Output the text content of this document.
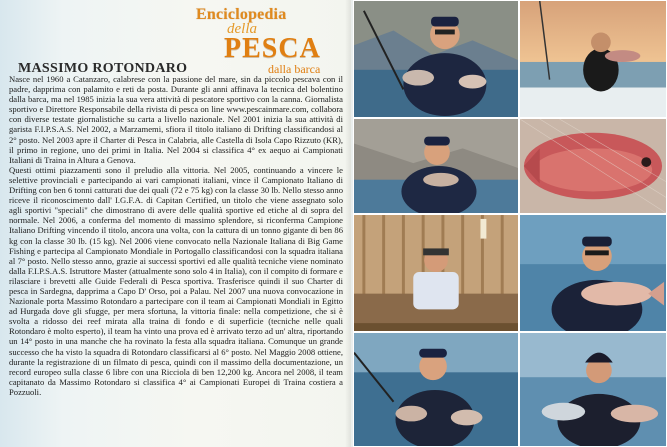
Enciclopedia
della
PESCA
dalla barca
MASSIMO ROTONDARO

Nasce nel 1960 a Catanzaro, calabrese con la passione del mare, sin da piccolo pescava con il padre, dapprima con palamito e reti da posta. Durante gli anni affinava la tecnica del bolentino dalla barca, ma nel 1985 inizia la sua vera attività di pescatore sportivo con la canna. Giornalista sportivo e Direttore Responsabile della rivista di pesca on line www.pescainmare.com, collabora con diverse testate giornalistiche su carta a livello nazionale. Nel 2001 inizia la sua attività di garista F.I.P.S.A.S. Nel 2002, a Marzamemi, sfiora il titolo italiano di Drifting classificandosi al 2° posto. Nel 2003 apre il Charter di Pesca in Calabria, alle Castella di Isola Capo Rizzuto (KR), il primo in regione, uno dei primi in Italia. Nel 2004 si classifica 4° ex aequo ai Campionati Italiani di Traina in Altura a Genova.

Questi ottimi piazzamenti sono il preludio alla vittoria. Nel 2005, continuando a vincere le selettive provinciali e partecipando ai vari campionati italiani, vince il Campionato Italiano di Drifting con ben 6 tonni catturati due dei quali (72 e 75 kg) con la classe 30 lb. Nello stesso anno riceve il riconoscimento dall' I.G.F.A. di Capitan Certified, un titolo che viene assegnato solo agli sportivi "speciali" che dimostrano di avere delle qualità sportive ed etiche al di sopra del normale. Nel 2006, a conferma del momento di massimo splendore, si riconferma Campione Italiano Drifting vincendo il titolo, ancora una volta, con la cattura di un tonno gigante di ben 86 kg con la classe 30 lb. (15 kg). Nel 2006 viene convocato nella Nazionale Italiana di Big Game Fishing e partecipa al Campionato Mondiale in Portogallo classificandosi con la squadra italiana al 7° posto. Nello stesso anno, grazie ai successi sportivi ed alle qualità tecniche viene nominato dalla F.I.P.S.A.S. Istruttore Master (attualmente sono solo 4 in Italia), con il compito di formare e rilasciare i brevetti alle Guide Federali di Pesca sportiva. Trasferisce quindi il suo Charter di pesca in Sardegna, dapprima a Capo D' Orso, poi a Palau. Nel 2007 una nuova convocazione in Nazionale porta Massimo Rotondaro a partecipare con il team ai Campionati Mondiali in Egitto ad Hurgada dove gli sfugge, per mera sfortuna, la vittoria finale: nella competizione, che si è svolta a ridosso dei reef mirata alla traina di fondo e di superficie (tecniche nelle quali Rotondaro è molto esperto), il team ha vinto una prova ed è arrivato terzo ad un' altra, riportando un 14° posto in una manche che ha rovinato la festa alla squadra italiana. Comunque un grande successo che ha visto la squadra di Rotondaro classificarsi al 6° posto. Nel Maggio 2008 ottiene, durante la registrazione di un filmato di pesca, quindi con il massimo della documentazione, un record europeo sulla classe 6 libre con una Ricciola di ben 12,200 kg. Ancora nel 2008, il team capitanato da Massimo Rotondaro si classifica 4° ai Campionati Europei di Traina costiera a Pozzuoli.
